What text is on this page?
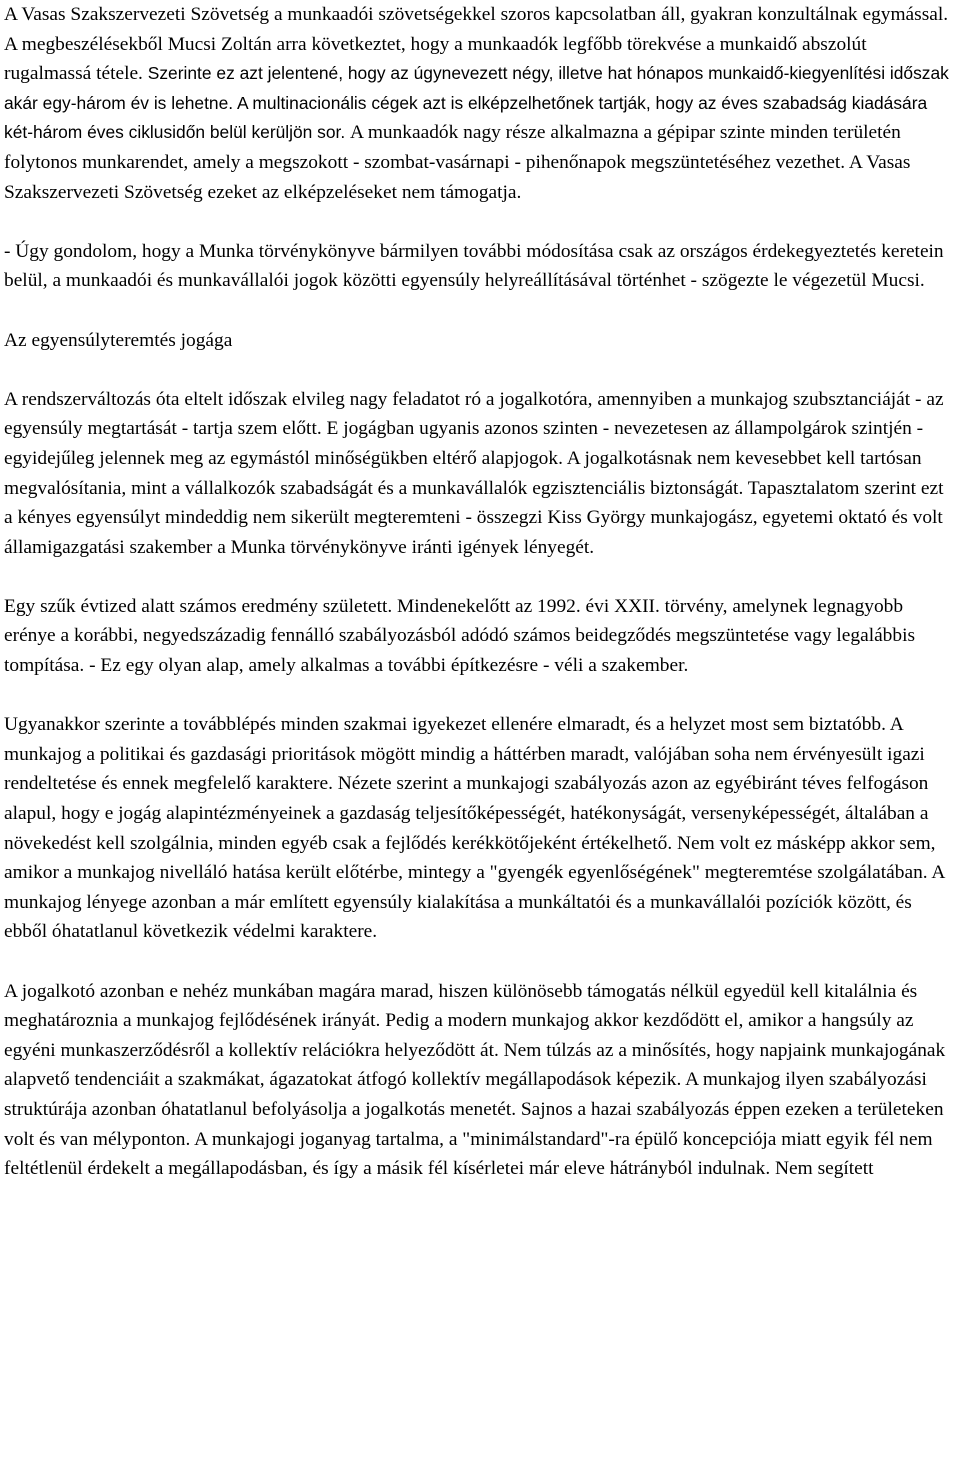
A Vasas Szakszervezeti Szövetség a munkaadói szövetségekkel szoros kapcsolatban áll, gyakran konzultálnak egymással. A megbeszélésekből Mucsi Zoltán arra következtet, hogy a munkaadók legfőbb törekvése a munkaidő abszolút rugalmassá tétele. Szerinte ez azt jelentené, hogy az úgynevezett négy, illetve hat hónapos munkaidő-kiegyenlítési időszak akár egy-három év is lehetne. A multinacionális cégek azt is elképzelhetőnek tartják, hogy az éves szabadság kiadására két-három éves ciklusidőn belül kerüljön sor. A munkaadók nagy része alkalmazna a gépipar szinte minden területén folytonos munkarendet, amely a megszokott - szombat-vasárnapi - pihenőnapok megszüntetéséhez vezethet. A Vasas Szakszervezeti Szövetség ezeket az elképzeléseket nem támogatja.

- Úgy gondolom, hogy a Munka törvénykönyve bármilyen további módosítása csak az országos érdekegyeztetés keretein belül, a munkaadói és munkavállalói jogok közötti egyensúly helyreállításával történhet - szögezte le végezetül Mucsi.

Az egyensúlyteremtés jogága

A rendszerváltozás óta eltelt időszak elvileg nagy feladatot ró a jogalkotóra, amennyiben a munkajog szubsztanciáját - az egyensúly megtartását - tartja szem előtt. E jogágban ugyanis azonos szinten - nevezetesen az állampolgárok szintjén - egyidejűleg jelennek meg az egymástól minőségükben eltérő alapjogok. A jogalkotásnak nem kevesebbet kell tartósan megvalósítania, mint a vállalkozók szabadságát és a munkavállalók egzisztenciális biztonságát. Tapasztalatom szerint ezt a kényes egyensúlyt mindeddig nem sikerült megteremteni - összegzi Kiss György munkajogász, egyetemi oktató és volt államigazgatási szakember a Munka törvénykönyve iránti igények lényegét.

Egy szűk évtized alatt számos eredmény született. Mindenekelőtt az 1992. évi XXII. törvény, amelynek legnagyobb erénye a korábbi, negyedszázadig fennálló szabályozásból adódó számos beidegződés megszüntetése vagy legalábbis tompítása. - Ez egy olyan alap, amely alkalmas a további építkezésre - véli a szakember.

Ugyanakkor szerinte a továbblépés minden szakmai igyekezet ellenére elmaradt, és a helyzet most sem biztatóbb. A munkajog a politikai és gazdasági prioritások mögött mindig a háttérben maradt, valójában soha nem érvényesült igazi rendeltetése és ennek megfelelő karaktere. Nézete szerint a munkajogi szabályozás azon az egyébiránt téves felfogáson alapul, hogy e jogág alapintézményeinek a gazdaság teljesítőképességét, hatékonyságát, versenyképességét, általában a növekedést kell szolgálnia, minden egyéb csak a fejlődés kerékkötőjeként értékelhető. Nem volt ez másképp akkor sem, amikor a munkajog nivelláló hatása került előtérbe, mintegy a "gyengék egyenlőségének" megteremtése szolgálatában. A munkajog lényege azonban a már említett egyensúly kialakítása a munkáltatói és a munkavállalói pozíciók között, és ebből óhatatlanul következik védelmi karaktere.

A jogalkotó azonban e nehéz munkában magára marad, hiszen különösebb támogatás nélkül egyedül kell kitalálnia és meghatároznia a munkajog fejlődésének irányát. Pedig a modern munkajog akkor kezdődött el, amikor a hangsúly az egyéni munkaszerződésről a kollektív relációkra helyeződött át. Nem túlzás az a minősítés, hogy napjaink munkajogának alapvető tendenciáit a szakmákat, ágazatokat átfogó kollektív megállapodások képezik. A munkajog ilyen szabályozási struktúrája azonban óhatatlanul befolyásolja a jogalkotás menetét. Sajnos a hazai szabályozás éppen ezeken a területeken volt és van mélyponton. A munkajogi joganyag tartalma, a "minimálstandard"-ra épülő koncepciója miatt egyik fél nem feltétlenül érdekelt a megállapodásban, és így a másik fél kísérletei már eleve hátrányból indulnak. Nem segített
